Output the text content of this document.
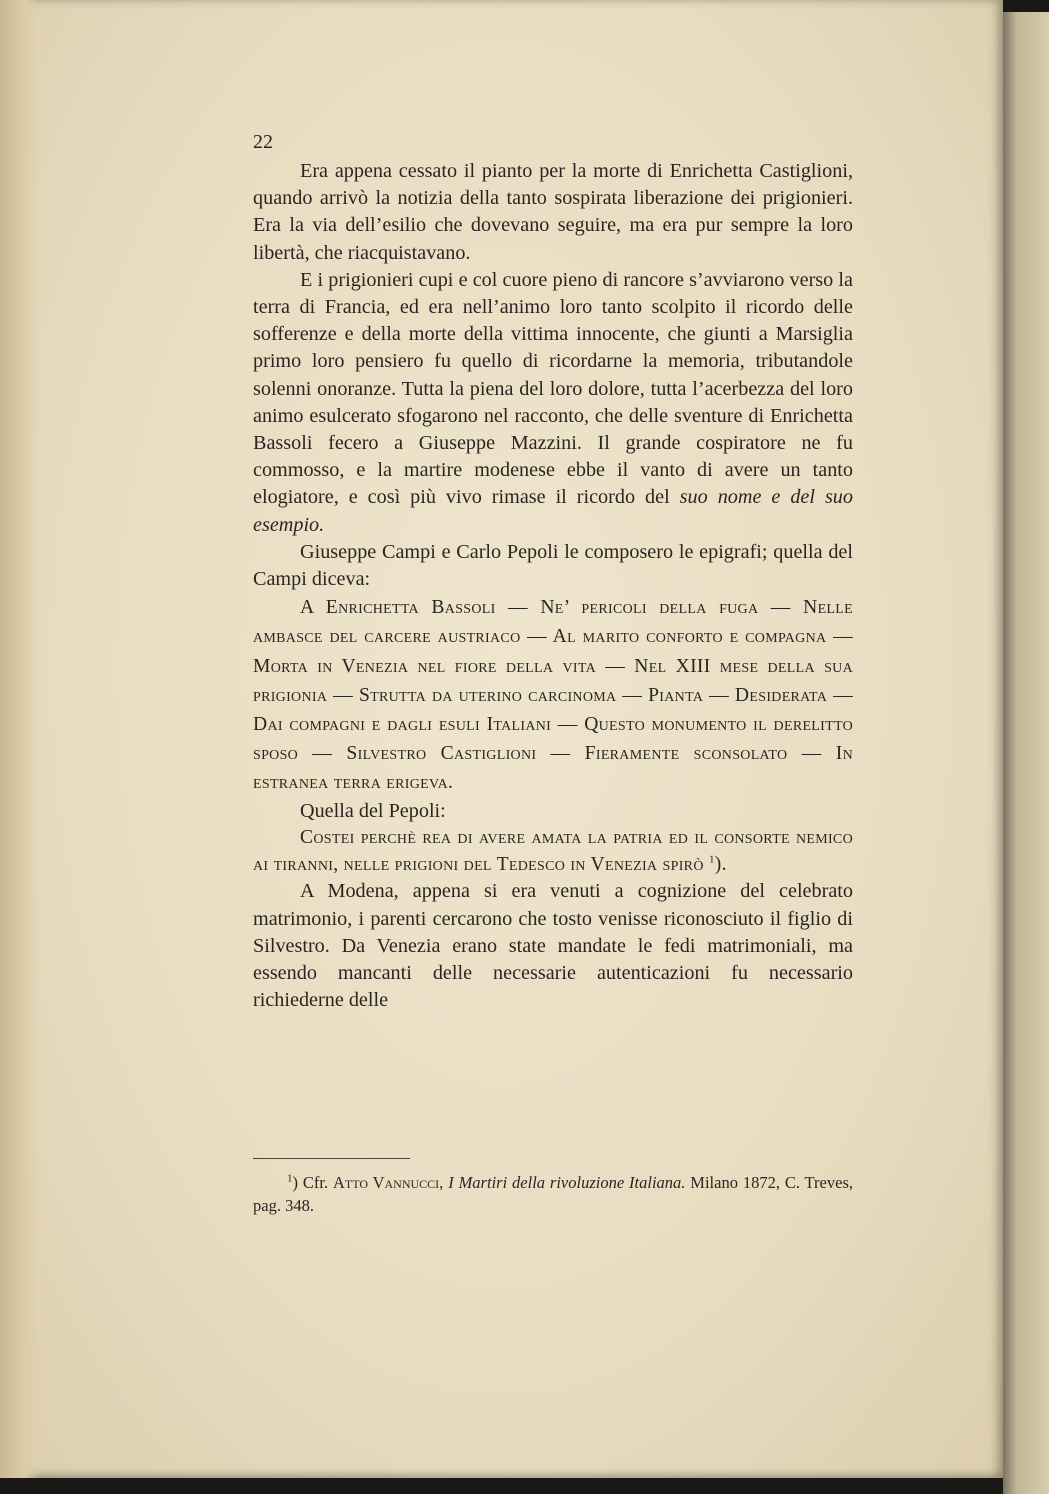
22

Era appena cessato il pianto per la morte di Enrichetta Castiglioni, quando arrivò la notizia della tanto sospirata liberazione dei prigionieri. Era la via dell’esilio che dovevano seguire, ma era pur sempre la loro libertà, che riacquistavano.

E i prigionieri cupi e col cuore pieno di rancore s’avviarono verso la terra di Francia, ed era nell’animo loro tanto scolpito il ricordo delle sofferenze e della morte della vittima innocente, che giunti a Marsiglia primo loro pensiero fu quello di ricordarne la memoria, tributandole solenni onoranze. Tutta la piena del loro dolore, tutta l’acerbezza del loro animo esulcerato sfogarono nel racconto, che delle sventure di Enrichetta Bassoli fecero a Giuseppe Mazzini. Il grande cospiratore ne fu commosso, e la martire modenese ebbe il vanto di avere un tanto elogiatore, e così più vivo rimase il ricordo del suo nome e del suo esempio.

Giuseppe Campi e Carlo Pepoli le composero le epigrafi; quella del Campi diceva:

A Enrichetta Bassoli — Ne’ pericoli della fuga — Nelle ambasce del carcere austriaco — Al marito conforto e compagna — Morta in Venezia nel fiore della vita — Nel XIII mese della sua prigionia — Strutta da uterino carcinoma — Pianta — Desiderata — Dai compagni e dagli esuli Italiani — Questo monumento il derelitto sposo — Silvestro Castiglioni — Fieramente sconsolato — In estranea terra erigeva.

Quella del Pepoli:

Costei perchè rea di avere amata la patria ed il consorte nemico ai tiranni, nelle prigioni del Tedesco in Venezia spirò $^1$).

A Modena, appena si era venuti a cognizione del celebrato matrimonio, i parenti cercarono che tosto venisse riconosciuto il figlio di Silvestro. Da Venezia erano state mandate le fedi matrimoniali, ma essendo mancanti delle necessarie autenticazioni fu necessario richiederne delle

$^1$) Cfr. Atto Vannucci, I Martiri della rivoluzione Italiana. Milano 1872, C. Treves, pag. 348.
